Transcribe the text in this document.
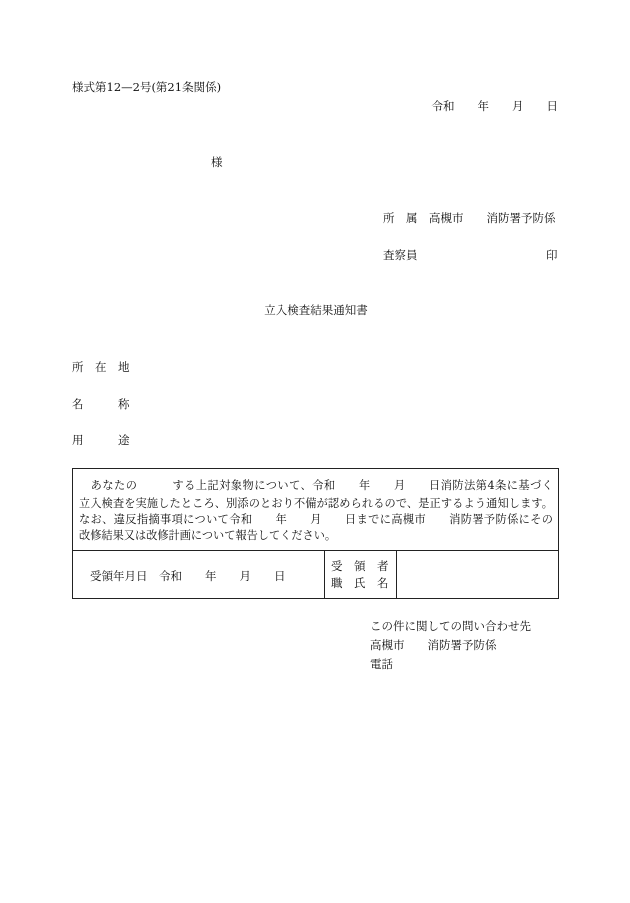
様式第12—2号(第21条関係)
令和　　年　　月　　日
様
所　属　高槻市　　消防署予防係
査察員	印
立入検査結果通知書
所　在　地
名　　　称
用　　　途
　あなたの　　　する上記対象物について、令和　　年　　月　　日消防法第4条に基づく
立入検査を実施したところ、別添のとおり不備が認められるので、是正するよう通知します。
なお、違反指摘事項について令和　　年　　月　　日までに高槻市　　消防署予防係にその
改修結果又は改修計画について報告してください。
受領年月日　令和　　年　　月　　日
受　領　者
職　氏　名
この件に関しての問い合わせ先
高槻市　　消防署予防係
電話
